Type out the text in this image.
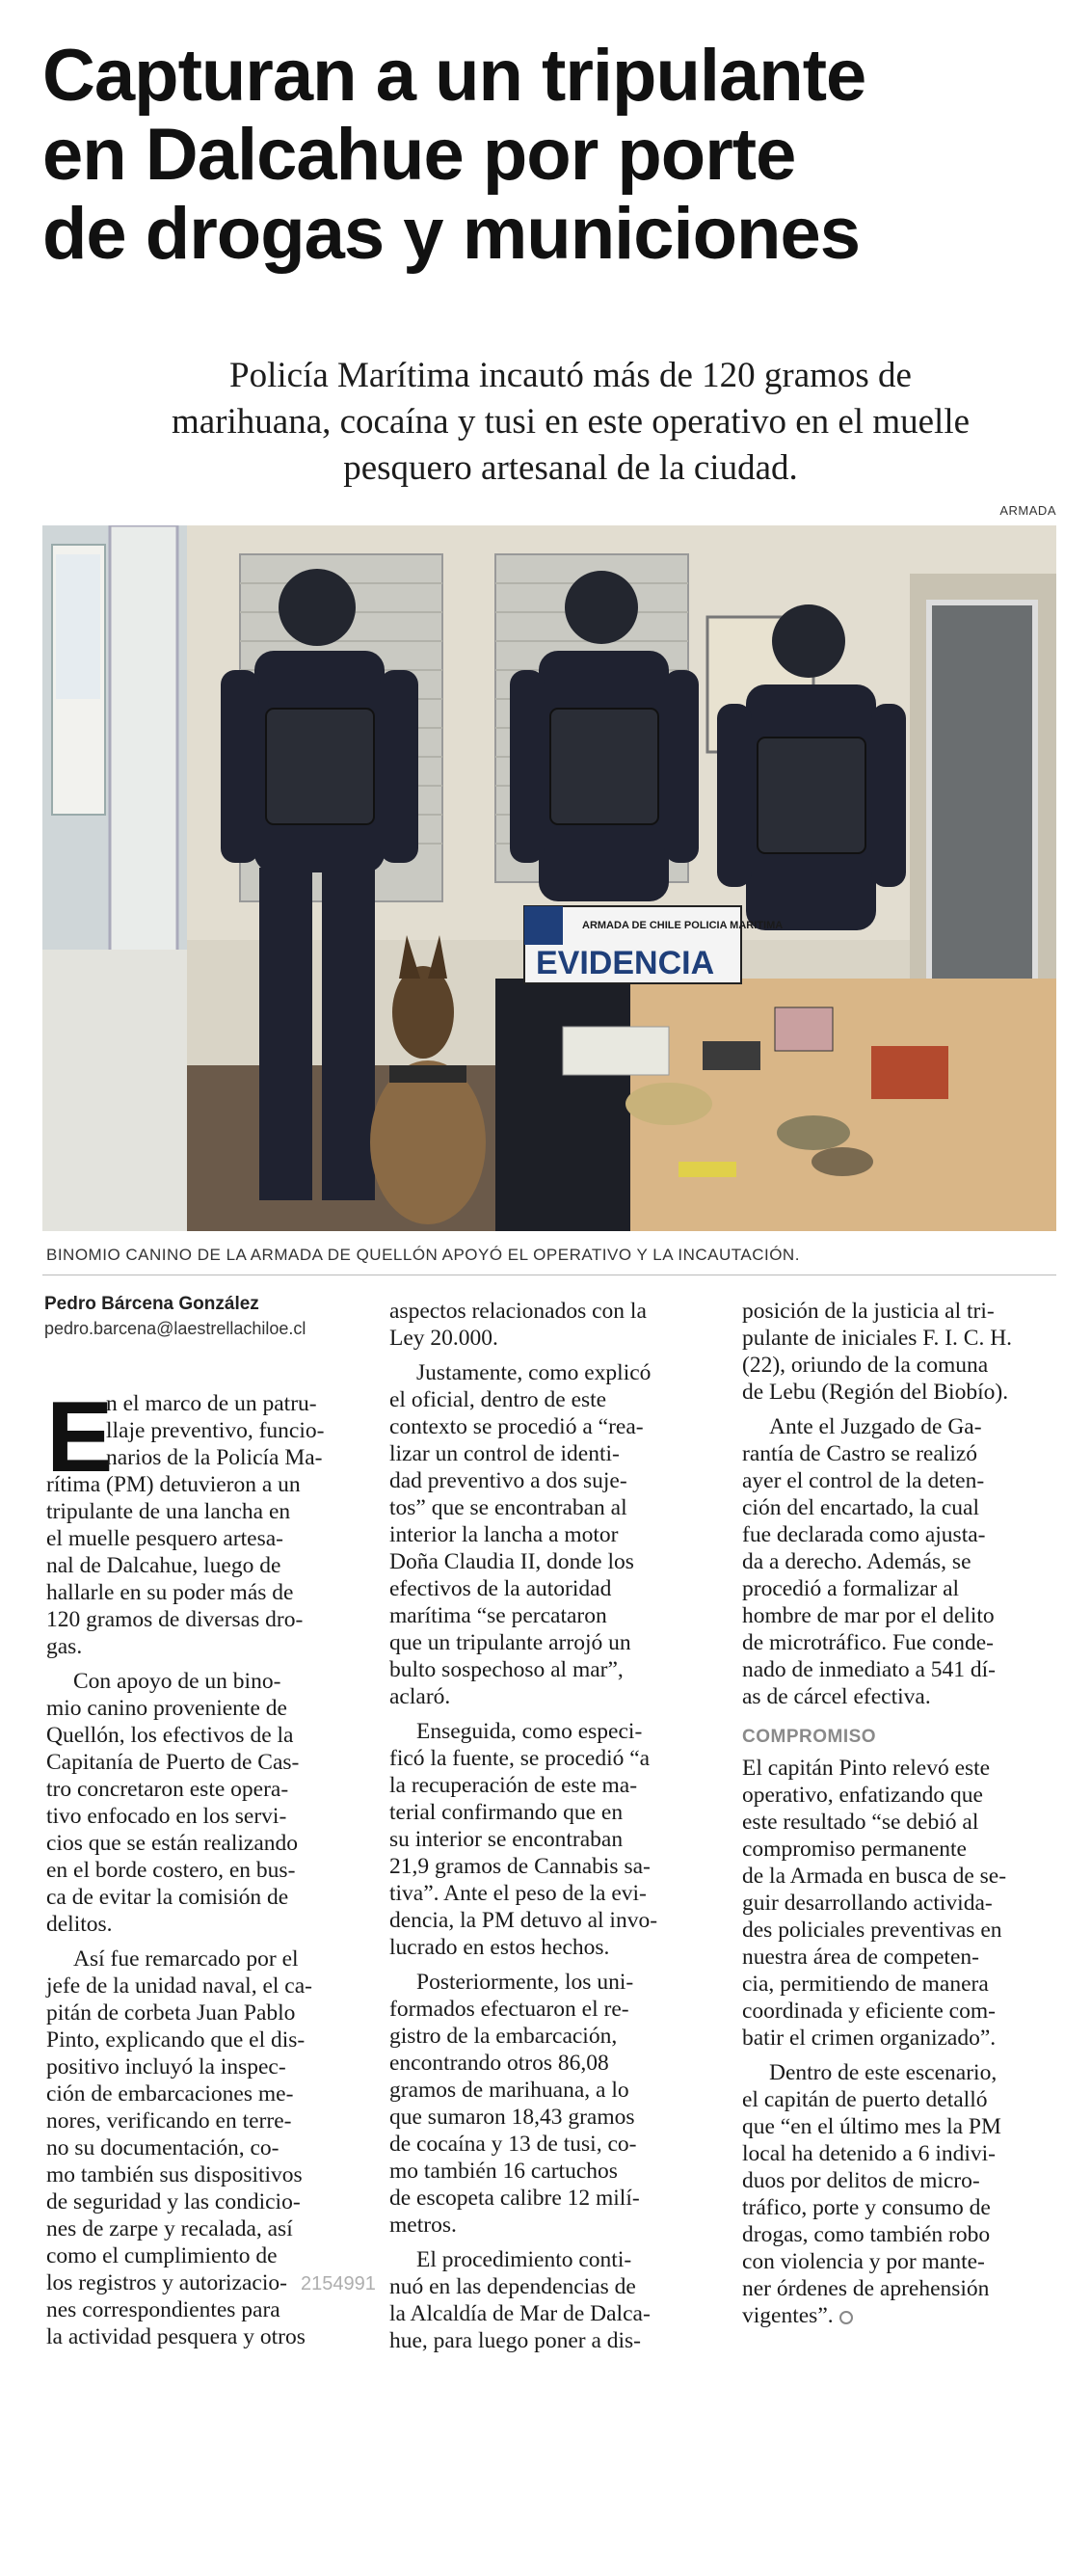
Capturan a un tripulante
en Dalcahue por porte
de drogas y municiones
Policía Marítima incautó más de 120 gramos de
marihuana, cocaína y tusi en este operativo en el muelle
pesquero artesanal de la ciudad.
ARMADA
ARMADA DE CHILE POLICIA MARITIMA
EVIDENCIA
BINOMIO CANINO DE LA ARMADA DE QUELLÓN APOYÓ EL OPERATIVO Y LA INCAUTACIÓN.
Pedro Bárcena González
pedro.barcena@laestrellachiloe.cl
E
n el marco de un patru-
llaje preventivo, funcio-
narios de la Policía Ma-
rítima (PM) detuvieron a un
tripulante de una lancha en
el muelle pesquero artesa-
nal de Dalcahue, luego de
hallarle en su poder más de
120 gramos de diversas dro-
gas.
Con apoyo de un bino-
mio canino proveniente de
Quellón, los efectivos de la
Capitanía de Puerto de Cas-
tro concretaron este opera-
tivo enfocado en los servi-
cios que se están realizando
en el borde costero, en bus-
ca de evitar la comisión de
delitos.
Así fue remarcado por el
jefe de la unidad naval, el ca-
pitán de corbeta Juan Pablo
Pinto, explicando que el dis-
positivo incluyó la inspec-
ción de embarcaciones me-
nores, verificando en terre-
no su documentación, co-
mo también sus dispositivos
de seguridad y las condicio-
nes de zarpe y recalada, así
como el cumplimiento de
los registros y autorizacio-
nes correspondientes para
la actividad pesquera y otros
aspectos relacionados con la
Ley 20.000.
Justamente, como explicó
el oficial, dentro de este
contexto se procedió a “rea-
lizar un control de identi-
dad preventivo a dos suje-
tos” que se encontraban al
interior la lancha a motor
Doña Claudia II, donde los
efectivos de la autoridad
marítima “se percataron
que un tripulante arrojó un
bulto sospechoso al mar”,
aclaró.
Enseguida, como especi-
ficó la fuente, se procedió “a
la recuperación de este ma-
terial confirmando que en
su interior se encontraban
21,9 gramos de Cannabis sa-
tiva”. Ante el peso de la evi-
dencia, la PM detuvo al invo-
lucrado en estos hechos.
Posteriormente, los uni-
formados efectuaron el re-
gistro de la embarcación,
encontrando otros 86,08
gramos de marihuana, a lo
que sumaron 18,43 gramos
de cocaína y 13 de tusi, co-
mo también 16 cartuchos
de escopeta calibre 12 milí-
metros.
El procedimiento conti-
nuó en las dependencias de
la Alcaldía de Mar de Dalca-
hue, para luego poner a dis-
posición de la justicia al tri-
pulante de iniciales F. I. C. H.
(22), oriundo de la comuna
de Lebu (Región del Biobío).
Ante el Juzgado de Ga-
rantía de Castro se realizó
ayer el control de la deten-
ción del encartado, la cual
fue declarada como ajusta-
da a derecho. Además, se
procedió a formalizar al
hombre de mar por el delito
de microtráfico. Fue conde-
nado de inmediato a 541 dí-
as de cárcel efectiva.
COMPROMISO
El capitán Pinto relevó este
operativo, enfatizando que
este resultado “se debió al
compromiso permanente
de la Armada en busca de se-
guir desarrollando activida-
des policiales preventivas en
nuestra área de competen-
cia, permitiendo de manera
coordinada y eficiente com-
batir el crimen organizado”.
Dentro de este escenario,
el capitán de puerto detalló
que “en el último mes la PM
local ha detenido a 6 indivi-
duos por delitos de micro-
tráfico, porte y consumo de
drogas, como también robo
con violencia y por mante-
ner órdenes de aprehensión
vigentes”.
2154991
